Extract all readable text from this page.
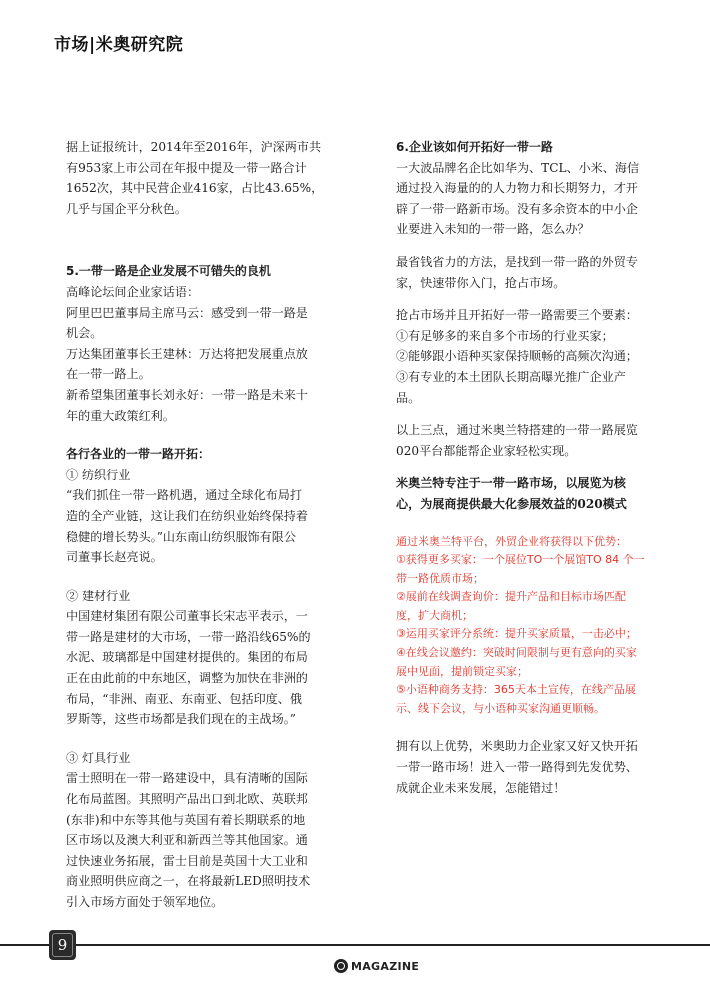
市场|米奥研究院

据上证报统计，2014年至2016年，沪深两市共

有953家上市公司在年报中提及一带一路合计

1652次，其中民营企业416家，占比43.65%，

几乎与国企平分秋色。

5.一带一路是企业发展不可错失的良机

高峰论坛间企业家话语：

阿里巴巴董事局主席马云：感受到一带一路是

机会。

万达集团董事长王建林：万达将把发展重点放

在一带一路上。

新希望集团董事长刘永好：一带一路是未来十

年的重大政策红利。

各行各业的一带一路开拓：

① 纺织行业

“我们抓住一带一路机遇，通过全球化布局打

造的全产业链，这让我们在纺织业始终保持着

稳健的增长势头。”山东南山纺织服饰有限公

司董事长赵亮说。

② 建材行业

中国建材集团有限公司董事长宋志平表示，一

带一路是建材的大市场，一带一路沿线65%的

水泥、玻璃都是中国建材提供的。集团的布局

正在由此前的中东地区，调整为加快在非洲的

布局，“非洲、南亚、东南亚、包括印度、俄

罗斯等，这些市场都是我们现在的主战场。”

③ 灯具行业

雷士照明在一带一路建设中，具有清晰的国际

化布局蓝图。其照明产品出口到北欧、英联邦

(东非)和中东等其他与英国有着长期联系的地

区市场以及澳大利亚和新西兰等其他国家。通

过快速业务拓展，雷士目前是英国十大工业和

商业照明供应商之一，在将最新LED照明技术

引入市场方面处于领军地位。

6.企业该如何开拓好一带一路

一大波品牌名企比如华为、TCL、小米、海信

通过投入海量的的人力物力和长期努力，才开

辟了一带一路新市场。没有多余资本的中小企

业要进入未知的一带一路，怎么办？

最省钱省力的方法，是找到一带一路的外贸专

家，快速带你入门，抢占市场。

抢占市场并且开拓好一带一路需要三个要素：

①有足够多的来自多个市场的行业买家；

②能够跟小语种买家保持顺畅的高频次沟通；

③有专业的本土团队长期高曝光推广企业产

品。

以上三点，通过米奥兰特搭建的一带一路展览

020平台都能帮企业家轻松实现。

米奥兰特专注于一带一路市场，以展览为核

心，为展商提供最大化参展效益的020模式

通过米奥兰特平台，外贸企业将获得以下优势：

①获得更多买家：一个展位TO一个展馆TO 84 个一

带一路优质市场；

②展前在线调查询价：提升产品和目标市场匹配

度，扩大商机；

③运用买家评分系统：提升买家质量，一击必中；

④在线会议邀约：突破时间限制与更有意向的买家

展中见面，提前锁定买家；

⑤小语种商务支持：365天本土宣传，在线产品展

示、线下会议，与小语种买家沟通更顺畅。

拥有以上优势，米奥助力企业家又好又快开拓

一带一路市场！进入一带一路得到先发优势、

成就企业未来发展，怎能错过！

9
MAGAZINE
